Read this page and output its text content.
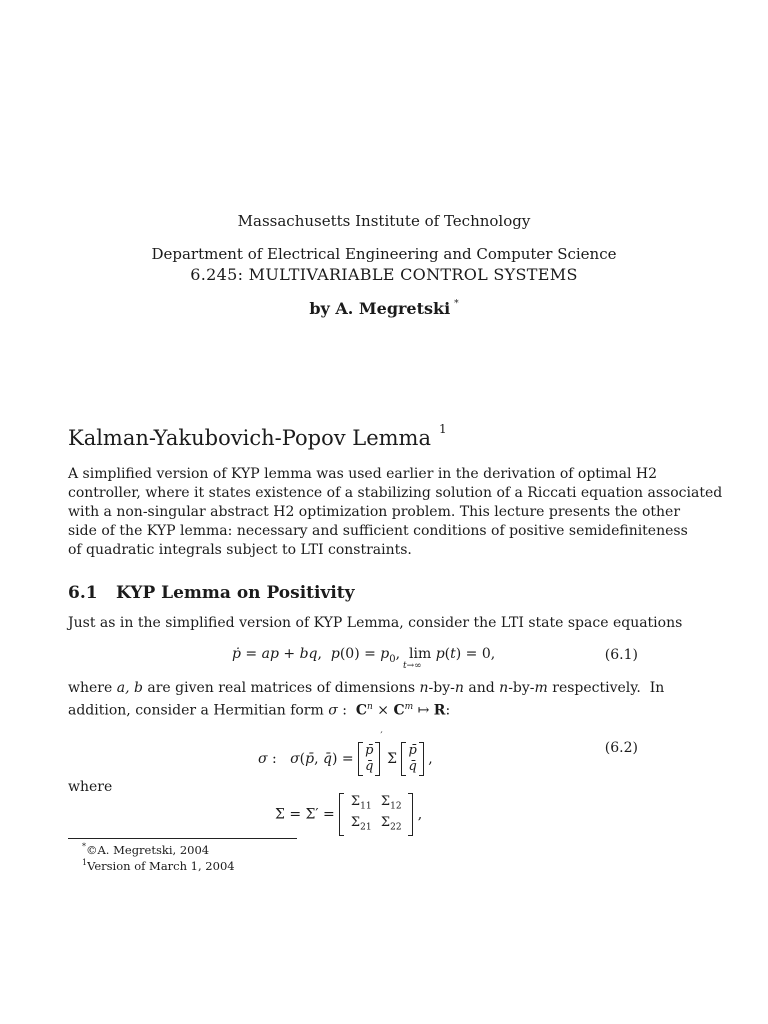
Massachusetts Institute of Technology
Department of Electrical Engineering and Computer Science
6.245: MULTIVARIABLE CONTROL SYSTEMS
by A. Megretski *
Kalman-Yakubovich-Popov Lemma $^1$
A simplified version of KYP lemma was used earlier in the derivation of optimal H2
controller, where it states existence of a stabilizing solution of a Riccati equation associated
with a non-singular abstract H2 optimization problem. This lecture presents the other
side of the KYP lemma: necessary and sufficient conditions of positive semidefiniteness
of quadratic integrals subject to LTI constraints.
6.1 KYP Lemma on Positivity
Just as in the simplified version of KYP Lemma, consider the LTI state space equations
ṗ = ap + bq,  $p(0) = p_0$,  lim
t→∞
p(t) = 0,	(6.1)
where a, b are given real matrices of dimensions n-by-n and n-by-m respectively.  In
addition, consider a Hermitian form σ :  $C^n \times C^m$ ↦ R:
σ :   σ(p̄, q̄) =
p̄
q̄
′ Σ
p̄
q̄ ,
(6.2)
where
Σ = Σ′ =
$\Sigma_{11}$ $\Sigma_{12}$
$\Sigma_{21}$ $\Sigma_{22}$
,
*©A. Megretski, 2004
$^1$Version of March 1, 2004
